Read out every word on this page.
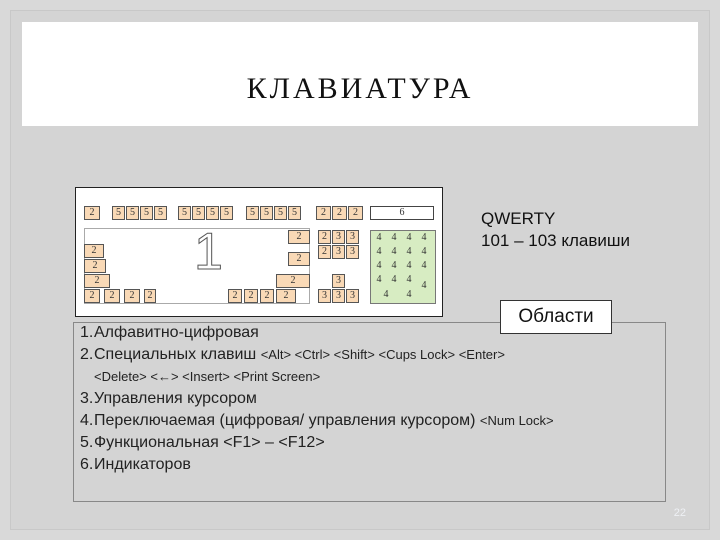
КЛАВИАТУРА
2	5 5 5 5	5 5 5 5	5 5 5 5	2	2	2	6
1
2
2
2
2	2	2	2	2	2	2	2
2
2
2
2 3 3
2 3 3
3
3 3 3
4	4	4	4
4	4	4	4
4	4	4	4
4	4	4
4
4	4
QWERTY
101 – 103 клавиши
Области
1.Алфавитно-цифровая
2.Специальных клавиш <Alt> <Ctrl> <Shift> <Cups Lock> <Enter>
<Delete> <←> <Insert> <Print Screen>
3.Управления курсором
4.Переключаемая (цифровая/ управления курсором) <Num Lock>
5.Функциональная <F1> – <F12>
6.Индикаторов
22
